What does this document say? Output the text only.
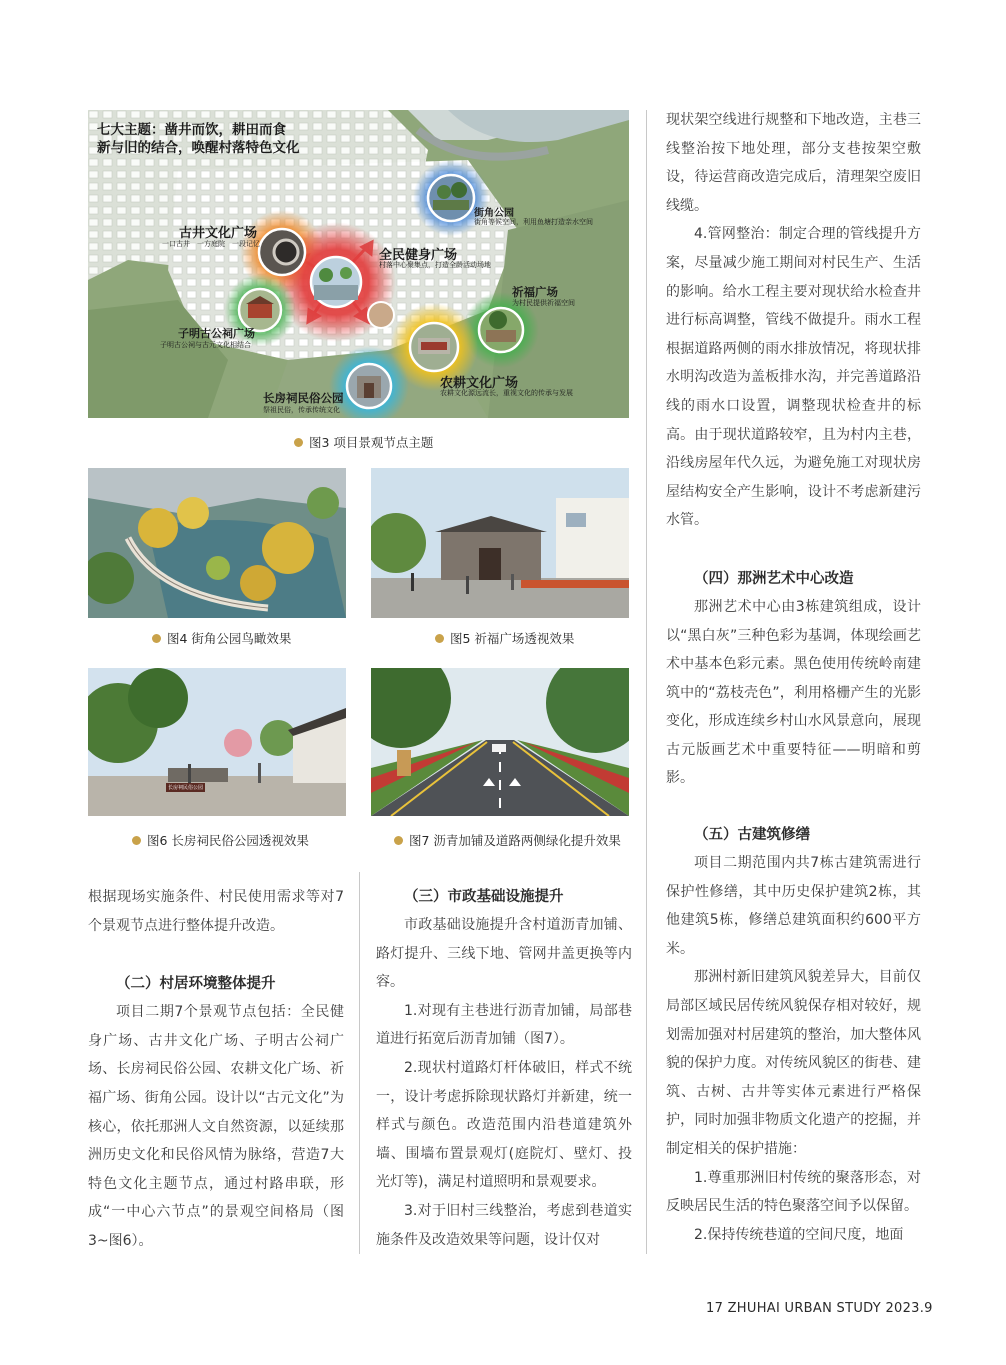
七大主题：凿井而饮，耕田而食
新与旧的结合，唤醒村落特色文化
街角公园
街角等候空间，利用鱼塘打造亲水空间
古井文化广场
一口古井　一方庭院　一段记忆
全民健身广场
村落中心聚集点，打造全龄活动场地
祈福广场
为村民提供祈福空间
子明古公祠广场
子明古公祠与古元文化相结合
农耕文化广场
农耕文化源远流长，重视文化的传承与发展
长房祠民俗公园
祭祖民俗，传承传统文化
图3 项目景观节点主题
图4 街角公园鸟瞰效果	图5 祈福广场透视效果
长房祠民俗公园
图6 长房祠民俗公园透视效果	图7 沥青加铺及道路两侧绿化提升效果

根据现场实施条件、村民使用需求等对7个景观节点进行整体提升改造。

（二）村居环境整体提升

项目二期7个景观节点包括：全民健身广场、古井文化广场、子明古公祠广场、长房祠民俗公园、农耕文化广场、祈福广场、街角公园。设计以“古元文化”为核心，依托那洲人文自然资源，以延续那洲历史文化和民俗风情为脉络，营造7大特色文化主题节点，通过村路串联，形成“一中心六节点”的景观空间格局（图3~图6）。

（三）市政基础设施提升

市政基础设施提升含村道沥青加铺、路灯提升、三线下地、管网井盖更换等内容。

1.对现有主巷进行沥青加铺，局部巷道进行拓宽后沥青加铺（图7）。

2.现状村道路灯杆体破旧，样式不统一，设计考虑拆除现状路灯并新建，统一样式与颜色。改造范围内沿巷道建筑外墙、围墙布置景观灯(庭院灯、壁灯、投光灯等)，满足村道照明和景观要求。

3.对于旧村三线整治，考虑到巷道实施条件及改造效果等问题，设计仅对

现状架空线进行规整和下地改造，主巷三线整治按下地处理，部分支巷按架空敷设，待运营商改造完成后，清理架空废旧线缆。

4.管网整治：制定合理的管线提升方案，尽量减少施工期间对村民生产、生活的影响。给水工程主要对现状给水检查井进行标高调整，管线不做提升。雨水工程根据道路两侧的雨水排放情况，将现状排水明沟改造为盖板排水沟，并完善道路沿线的雨水口设置，调整现状检查井的标高。由于现状道路较窄，且为村内主巷，沿线房屋年代久远，为避免施工对现状房屋结构安全产生影响，设计不考虑新建污水管。

（四）那洲艺术中心改造

那洲艺术中心由3栋建筑组成，设计以“黑白灰”三种色彩为基调，体现绘画艺术中基本色彩元素。黑色使用传统岭南建筑中的“荔枝壳色”，利用格栅产生的光影变化，形成连续乡村山水风景意向，展现古元版画艺术中重要特征——明暗和剪影。

（五）古建筑修缮

项目二期范围内共7栋古建筑需进行保护性修缮，其中历史保护建筑2栋，其他建筑5栋，修缮总建筑面积约600平方米。

那洲村新旧建筑风貌差异大，目前仅局部区域民居传统风貌保存相对较好，规划需加强对村居建筑的整治，加大整体风貌的保护力度。对传统风貌区的街巷、建筑、古树、古井等实体元素进行严格保护，同时加强非物质文化遗产的挖掘，并制定相关的保护措施：

1.尊重那洲旧村传统的聚落形态，对反映居民生活的特色聚落空间予以保留。

2.保持传统巷道的空间尺度，地面

17 ZHUHAI URBAN STUDY 2023.9
